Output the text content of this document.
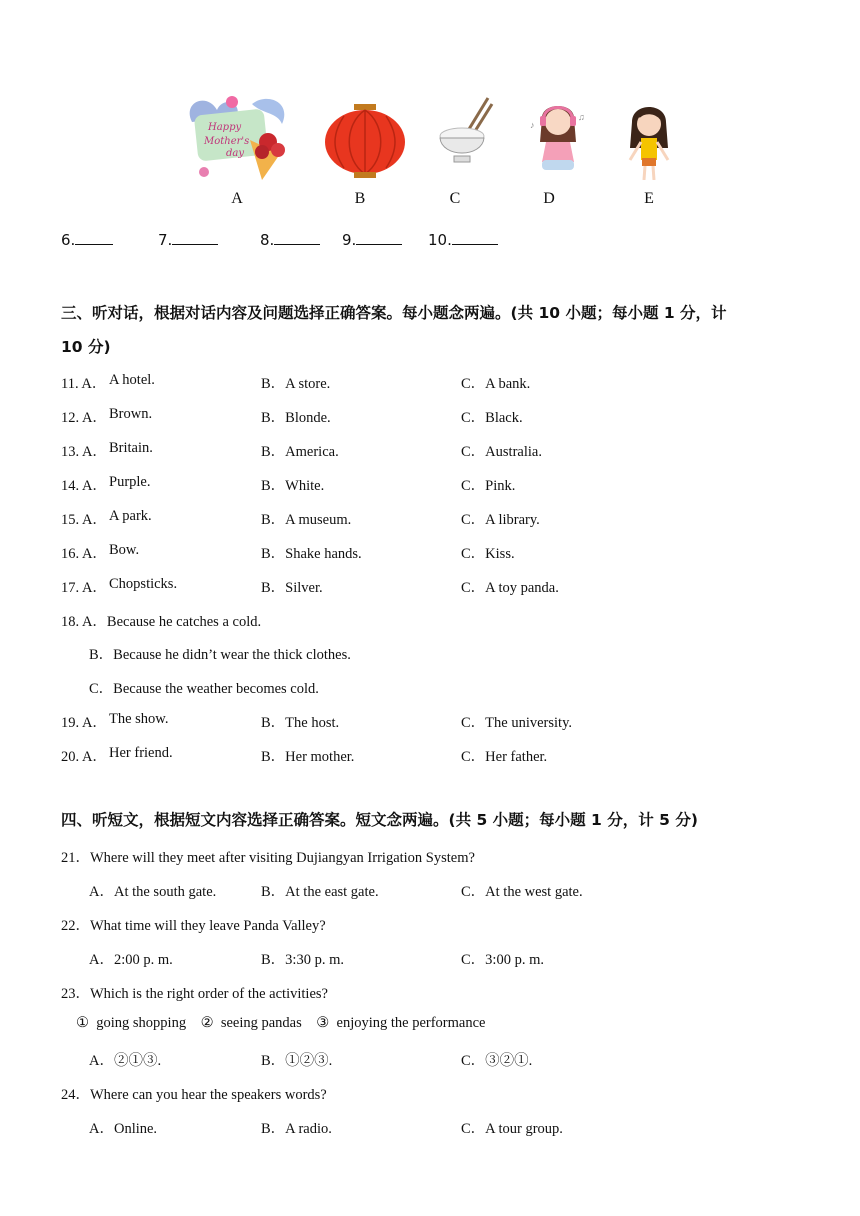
Happy
Mother's
day
♪
♫
A	B	C	D	E
6.	7.	8.	9.	10.
三、听对话，根据对话内容及问题选择正确答案。每小题念两遍。(共 10 小题；每小题 1 分，计
10 分)
11. A． A hotel.	B．A store.	C．A bank.
12. A． Brown.	B．Blonde.	C．Black.
13. A． Britain.	B．America.	C．Australia.
14. A． Purple.	B．White.	C．Pink.
15. A． A park.	B．A museum.	C．A library.
16. A． Bow.	B．Shake hands.	C．Kiss.
17. A． Chopsticks.	B．Silver.	C．A toy panda.
18. A．Because he catches a cold.
B．Because he didn’t wear the thick clothes.
C．Because the weather becomes cold.
19. A． The show.	B．The host.	C．The university.
20. A． Her friend.	B．Her mother.	C．Her father.
四、听短文，根据短文内容选择正确答案。短文念两遍。(共 5 小题；每小题 1 分，计 5 分)
21．Where will they meet after visiting Dujiangyan Irrigation System?
A．At the south gate.	B．At the east gate.	C．At the west gate.
22．What time will they leave Panda Valley?
A．2:00 p. m.	B．3:30 p. m.	C．3:00 p. m.
23．Which is the right order of the activities?
①  going shopping    ②  seeing pandas    ③  enjoying the performance
A．②①③.	B．①②③.	C．③②①.
24．Where can you hear the speakers words?
A．Online.	B．A radio.	C．A tour group.
